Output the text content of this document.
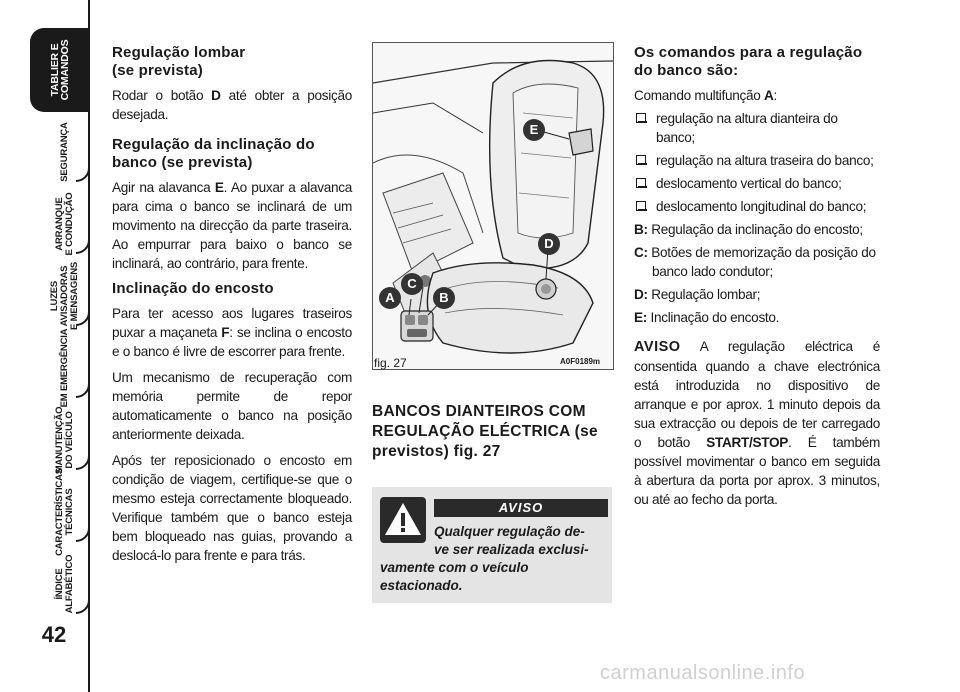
TABLIER E
COMANDOS
SEGURANÇA
ARRANQUE
E CONDUÇÃO
LUZES
AVISADORAS
E MENSAGENS
EM EMERGÊNCIA
MANUTENÇÃO
DO VEÍCULO
CARACTERÍSTICAS
TÉCNICAS
ÍNDICE
ALFABÉTICO
42
Regulação lombar
(se prevista)

Rodar o botão D até obter a posição desejada.

Regulação da inclinação do banco (se prevista)

Agir na alavanca E. Ao puxar a alavanca para cima o banco se inclinará de um movimento na direcção da parte traseira. Ao empurrar para baixo o banco se inclinará, ao contrário, para frente.

Inclinação do encosto

Para ter acesso aos lugares traseiros puxar a maçaneta F: se inclina o encosto e o banco é livre de escorrer para frente.

Um mecanismo de recuperação com memória permite de repor automaticamente o banco na posição anteriormente deixada.

Após ter reposicionado o encosto em condição de viagem, certifique-se que o mesmo esteja correctamente bloqueado. Verifique também que o banco esteja bem bloqueado nas guias, provando a deslocá-lo para frente e para trás.

E
D
C
A	B
fig. 27	A0F0189m
BANCOS DIANTEIROS COM REGULAÇÃO ELÉCTRICA (se previstos) fig. 27
AVISO
Qualquer regulação de-
ve ser realizada exclusi-
vamente com o veículo estacionado.
Os comandos para a regulação do banco são:

Comando multifunção A:

regulação na altura dianteira do banco;
regulação na altura traseira do banco;
deslocamento vertical do banco;
deslocamento longitudinal do banco;

B: Regulação da inclinação do encosto;

C: Botões de memorização da posição do banco lado condutor;

D: Regulação lombar;

E: Inclinação do encosto.

AVISO A regulação eléctrica é consentida quando a chave electrónica está introduzida no dispositivo de arranque e por aprox. 1 minuto depois da sua extracção ou depois de ter carregado o botão START/STOP. É também possível movimentar o banco em seguida à abertura da porta por aprox. 3 minutos, ou até ao fecho da porta.

carmanualsonline.info
